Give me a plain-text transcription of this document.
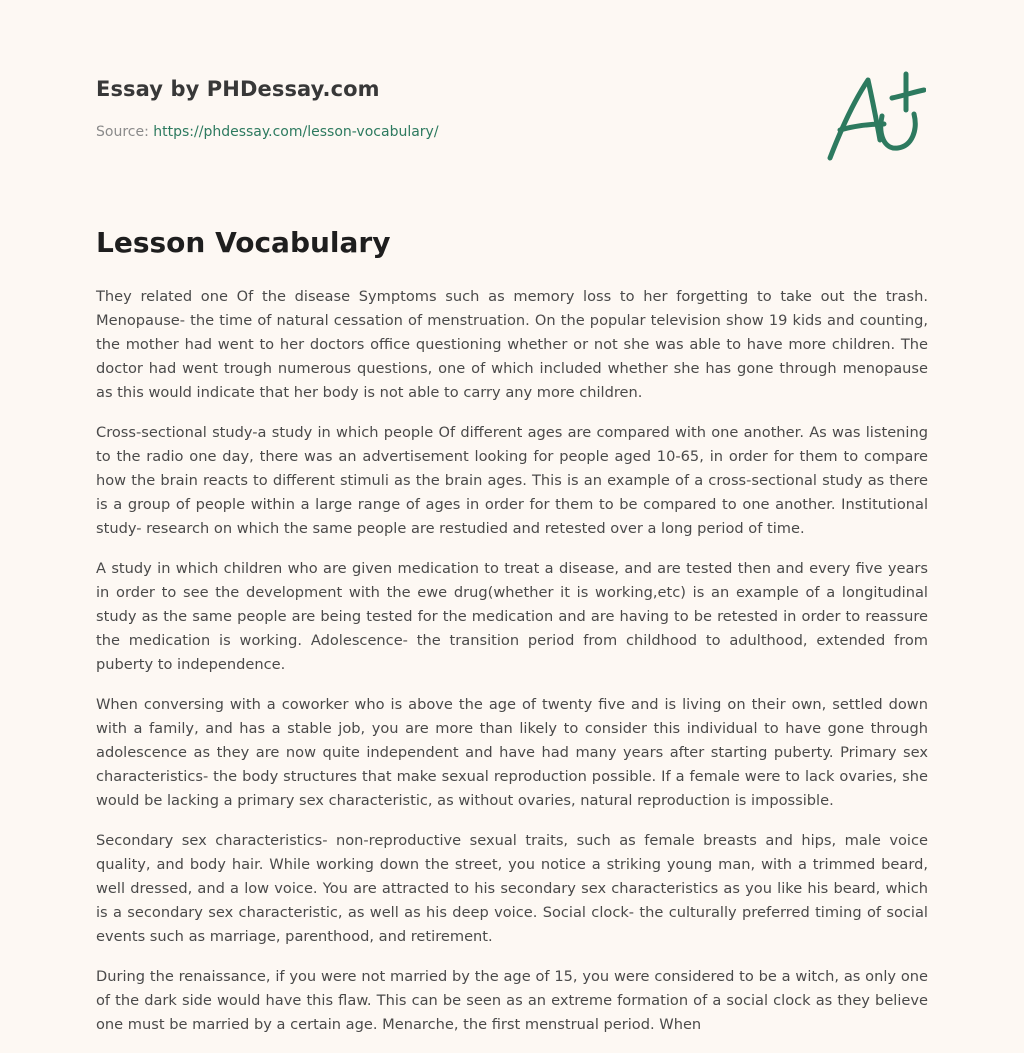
Essay by PHDessay.com
Source: https://phdessay.com/lesson-vocabulary/
Lesson Vocabulary

They related one Of the disease Symptoms such as memory loss to her forgetting to take out the trash. Menopause- the time of natural cessation of menstruation. On the popular television show 19 kids and counting, the mother had went to her doctors office questioning whether or not she was able to have more children. The doctor had went trough numerous questions, one of which included whether she has gone through menopause as this would indicate that her body is not able to carry any more children.

Cross-sectional study-a study in which people Of different ages are compared with one another. As was listening to the radio one day, there was an advertisement looking for people aged 10-65, in order for them to compare how the brain reacts to different stimuli as the brain ages. This is an example of a cross-sectional study as there is a group of people within a large range of ages in order for them to be compared to one another. Institutional study- research on which the same people are restudied and retested over a long period of time.

A study in which children who are given medication to treat a disease, and are tested then and every five years in order to see the development with the ewe drug(whether it is working,etc) is an example of a longitudinal study as the same people are being tested for the medication and are having to be retested in order to reassure the medication is working. Adolescence- the transition period from childhood to adulthood, extended from puberty to independence.

When conversing with a coworker who is above the age of twenty five and is living on their own, settled down with a family, and has a stable job, you are more than likely to consider this individual to have gone through adolescence as they are now quite independent and have had many years after starting puberty. Primary sex characteristics- the body structures that make sexual reproduction possible. If a female were to lack ovaries, she would be lacking a primary sex characteristic, as without ovaries, natural reproduction is impossible.

Secondary sex characteristics- non-reproductive sexual traits, such as female breasts and hips, male voice quality, and body hair. While working down the street, you notice a striking young man, with a trimmed beard, well dressed, and a low voice. You are attracted to his secondary sex characteristics as you like his beard, which is a secondary sex characteristic, as well as his deep voice. Social clock- the culturally preferred timing of social events such as marriage, parenthood, and retirement.

During the renaissance, if you were not married by the age of 15, you were considered to be a witch, as only one of the dark side would have this flaw. This can be seen as an extreme formation of a social clock as they believe one must be married by a certain age. Menarche, the first menstrual period. When
